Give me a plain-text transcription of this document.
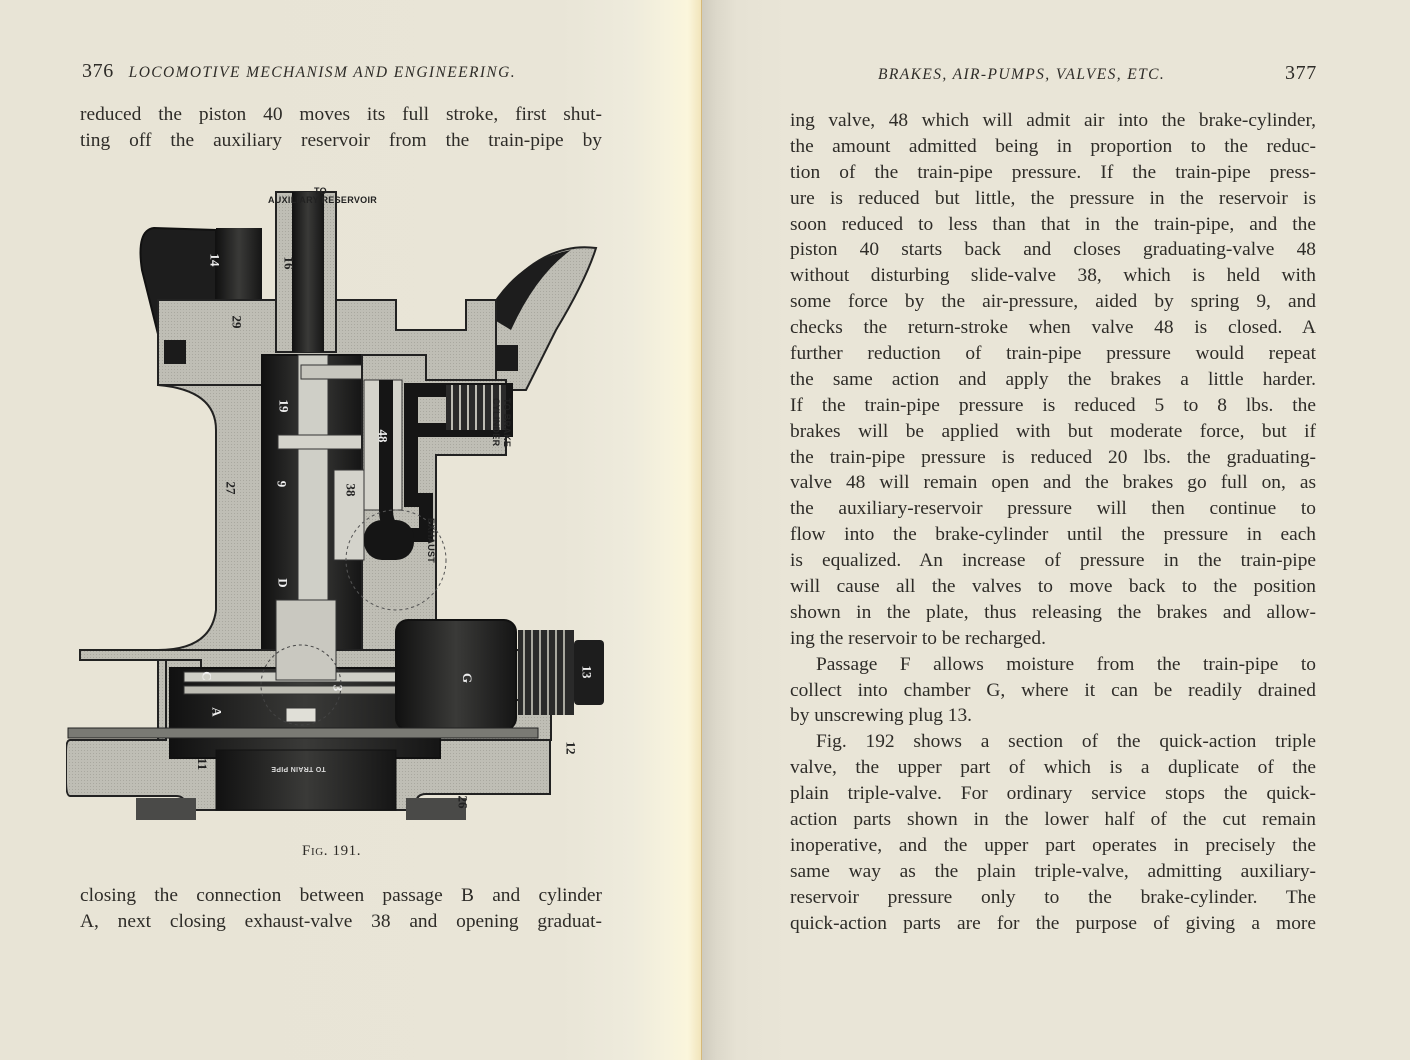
376 LOCOMOTIVE MECHANISM AND ENGINEERING.
reduced the piston 40 moves its full stroke, first shut-
ting off the auxiliary reservoir from the train-pipe by
TO
AUXILIARY RESERVOIR
TO BRAKE
CYLINDER
EXHAUST
14	16
29
19
48
27	9	38
D
3
C
A
11
12
13
26
G
TO TRAIN PIPE
Fig. 191.
closing the connection between passage B and cylinder
A, next closing exhaust-valve 38 and opening graduat-
BRAKES, AIR-PUMPS, VALVES, ETC.	377
ing valve, 48 which will admit air into the brake-cylinder,
the amount admitted being in proportion to the reduc-
tion of the train-pipe pressure. If the train-pipe press-
ure is reduced but little, the pressure in the reservoir is
soon reduced to less than that in the train-pipe, and the
piston 40 starts back and closes graduating-valve 48
without disturbing slide-valve 38, which is held with
some force by the air-pressure, aided by spring 9, and
checks the return-stroke when valve 48 is closed. A
further reduction of train-pipe pressure would repeat
the same action and apply the brakes a little harder.
If the train-pipe pressure is reduced 5 to 8 lbs. the
brakes will be applied with but moderate force, but if
the train-pipe pressure is reduced 20 lbs. the graduating-
valve 48 will remain open and the brakes go full on, as
the auxiliary-reservoir pressure will then continue to
flow into the brake-cylinder until the pressure in each
is equalized. An increase of pressure in the train-pipe
will cause all the valves to move back to the position
shown in the plate, thus releasing the brakes and allow-
ing the reservoir to be recharged.
Passage F allows moisture from the train-pipe to
collect into chamber G, where it can be readily drained
by unscrewing plug 13.
Fig. 192 shows a section of the quick-action triple
valve, the upper part of which is a duplicate of the
plain triple-valve. For ordinary service stops the quick-
action parts shown in the lower half of the cut remain
inoperative, and the upper part operates in precisely the
same way as the plain triple-valve, admitting auxiliary-
reservoir pressure only to the brake-cylinder. The
quick-action parts are for the purpose of giving a more
